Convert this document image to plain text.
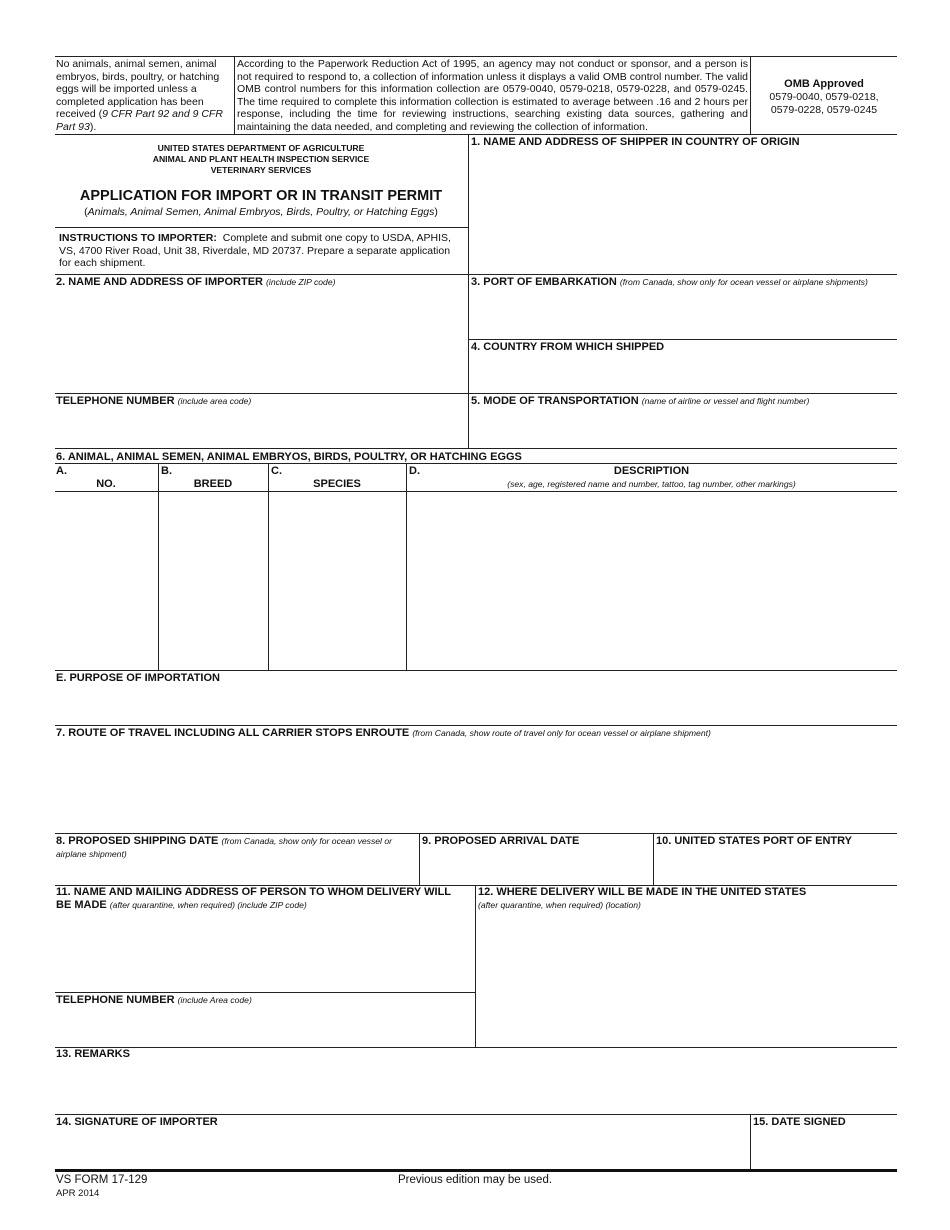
No animals, animal semen, animal embryos, birds, poultry, or hatching eggs will be imported unless a completed application has been received (9 CFR Part 92 and 9 CFR Part 93).
According to the Paperwork Reduction Act of 1995, an agency may not conduct or sponsor, and a person is not required to respond to, a collection of information unless it displays a valid OMB control number. The valid OMB control numbers for this information collection are 0579-0040, 0579-0218, 0579-0228, and 0579-0245. The time required to complete this information collection is estimated to average between .16 and 2 hours per response, including the time for reviewing instructions, searching existing data sources, gathering and maintaining the data needed, and completing and reviewing the collection of information.
OMB Approved
0579-0040, 0579-0218, 0579-0228, 0579-0245
UNITED STATES DEPARTMENT OF AGRICULTURE
ANIMAL AND PLANT HEALTH INSPECTION SERVICE
VETERINARY SERVICES
APPLICATION FOR IMPORT OR IN TRANSIT PERMIT
(Animals, Animal Semen, Animal Embryos, Birds, Poultry, or Hatching Eggs)
INSTRUCTIONS TO IMPORTER: Complete and submit one copy to USDA, APHIS, VS, 4700 River Road, Unit 38, Riverdale, MD 20737. Prepare a separate application for each shipment.
1. NAME AND ADDRESS OF SHIPPER IN COUNTRY OF ORIGIN
2. NAME AND ADDRESS OF IMPORTER (include ZIP code)	3. PORT OF EMBARKATION (from Canada, show only for ocean vessel or airplane shipments)
4. COUNTRY FROM WHICH SHIPPED
TELEPHONE NUMBER (include area code)	5. MODE OF TRANSPORTATION (name of airline or vessel and flight number)
6. ANIMAL, ANIMAL SEMEN, ANIMAL EMBRYOS, BIRDS, POULTRY, OR HATCHING EGGS
A.
NO.
B.
BREED
C.
SPECIES
D.	DESCRIPTION
(sex, age, registered name and number, tattoo, tag number, other markings)
E. PURPOSE OF IMPORTATION
7. ROUTE OF TRAVEL INCLUDING ALL CARRIER STOPS ENROUTE (from Canada, show route of travel only for ocean vessel or airplane shipment)
8. PROPOSED SHIPPING DATE (from Canada, show only for ocean vessel or airplane shipment)
9. PROPOSED ARRIVAL DATE	10. UNITED STATES PORT OF ENTRY
11. NAME AND MAILING ADDRESS OF PERSON TO WHOM DELIVERY WILL BE MADE (after quarantine, when required) (include ZIP code)
TELEPHONE NUMBER (include Area code)
12. WHERE DELIVERY WILL BE MADE IN THE UNITED STATES
(after quarantine, when required) (location)
13. REMARKS
14. SIGNATURE OF IMPORTER	15. DATE SIGNED
VS FORM 17-129
APR 2014
Previous edition may be used.
